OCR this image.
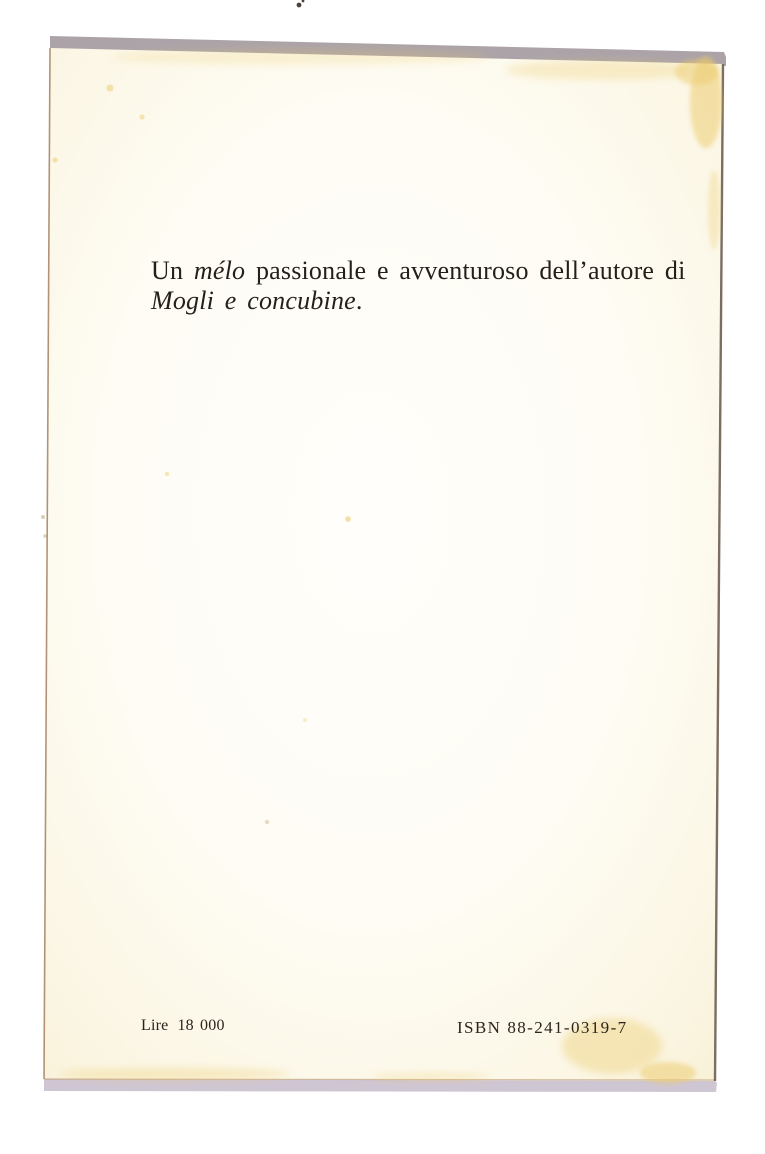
Un mélo passionale e avventuroso dell’autore di
Mogli e concubine.
Lire 18 000	ISBN 88-241-0319-7
